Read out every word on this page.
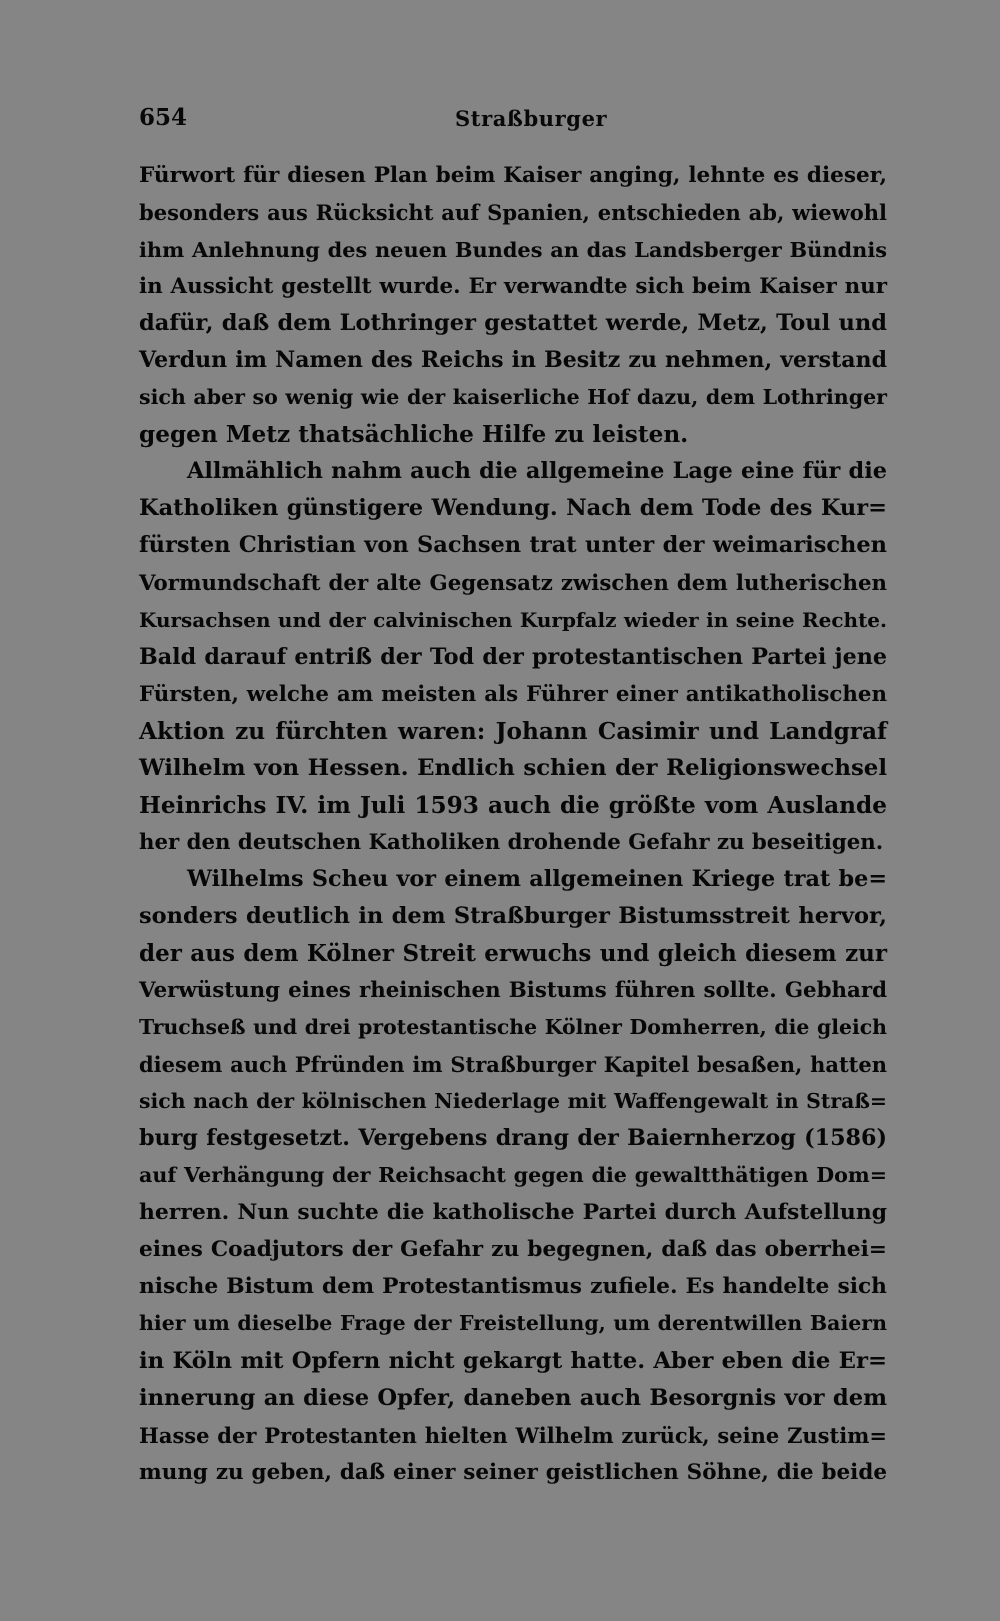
654	Straßburger
Fürwort für diesen Plan beim Kaiser anging, lehnte es dieser,
besonders aus Rücksicht auf Spanien, entschieden ab, wiewohl
ihm Anlehnung des neuen Bundes an das Landsberger Bündnis
in Aussicht gestellt wurde. Er verwandte sich beim Kaiser nur
dafür, daß dem Lothringer gestattet werde, Metz, Toul und
Verdun im Namen des Reichs in Besitz zu nehmen, verstand
sich aber so wenig wie der kaiserliche Hof dazu, dem Lothringer
gegen Metz thatsächliche Hilfe zu leisten.
Allmählich nahm auch die allgemeine Lage eine für die
Katholiken günstigere Wendung. Nach dem Tode des Kur=
fürsten Christian von Sachsen trat unter der weimarischen
Vormundschaft der alte Gegensatz zwischen dem lutherischen
Kursachsen und der calvinischen Kurpfalz wieder in seine Rechte.
Bald darauf entriß der Tod der protestantischen Partei jene
Fürsten, welche am meisten als Führer einer antikatholischen
Aktion zu fürchten waren: Johann Casimir und Landgraf
Wilhelm von Hessen. Endlich schien der Religionswechsel
Heinrichs IV. im Juli 1593 auch die größte vom Auslande
her den deutschen Katholiken drohende Gefahr zu beseitigen.
Wilhelms Scheu vor einem allgemeinen Kriege trat be=
sonders deutlich in dem Straßburger Bistumsstreit hervor,
der aus dem Kölner Streit erwuchs und gleich diesem zur
Verwüstung eines rheinischen Bistums führen sollte. Gebhard
Truchseß und drei protestantische Kölner Domherren, die gleich
diesem auch Pfründen im Straßburger Kapitel besaßen, hatten
sich nach der kölnischen Niederlage mit Waffengewalt in Straß=
burg festgesetzt. Vergebens drang der Baiernherzog (1586)
auf Verhängung der Reichsacht gegen die gewaltthätigen Dom=
herren. Nun suchte die katholische Partei durch Aufstellung
eines Coadjutors der Gefahr zu begegnen, daß das oberrhei=
nische Bistum dem Protestantismus zufiele. Es handelte sich
hier um dieselbe Frage der Freistellung, um derentwillen Baiern
in Köln mit Opfern nicht gekargt hatte. Aber eben die Er=
innerung an diese Opfer, daneben auch Besorgnis vor dem
Hasse der Protestanten hielten Wilhelm zurück, seine Zustim=
mung zu geben, daß einer seiner geistlichen Söhne, die beide
